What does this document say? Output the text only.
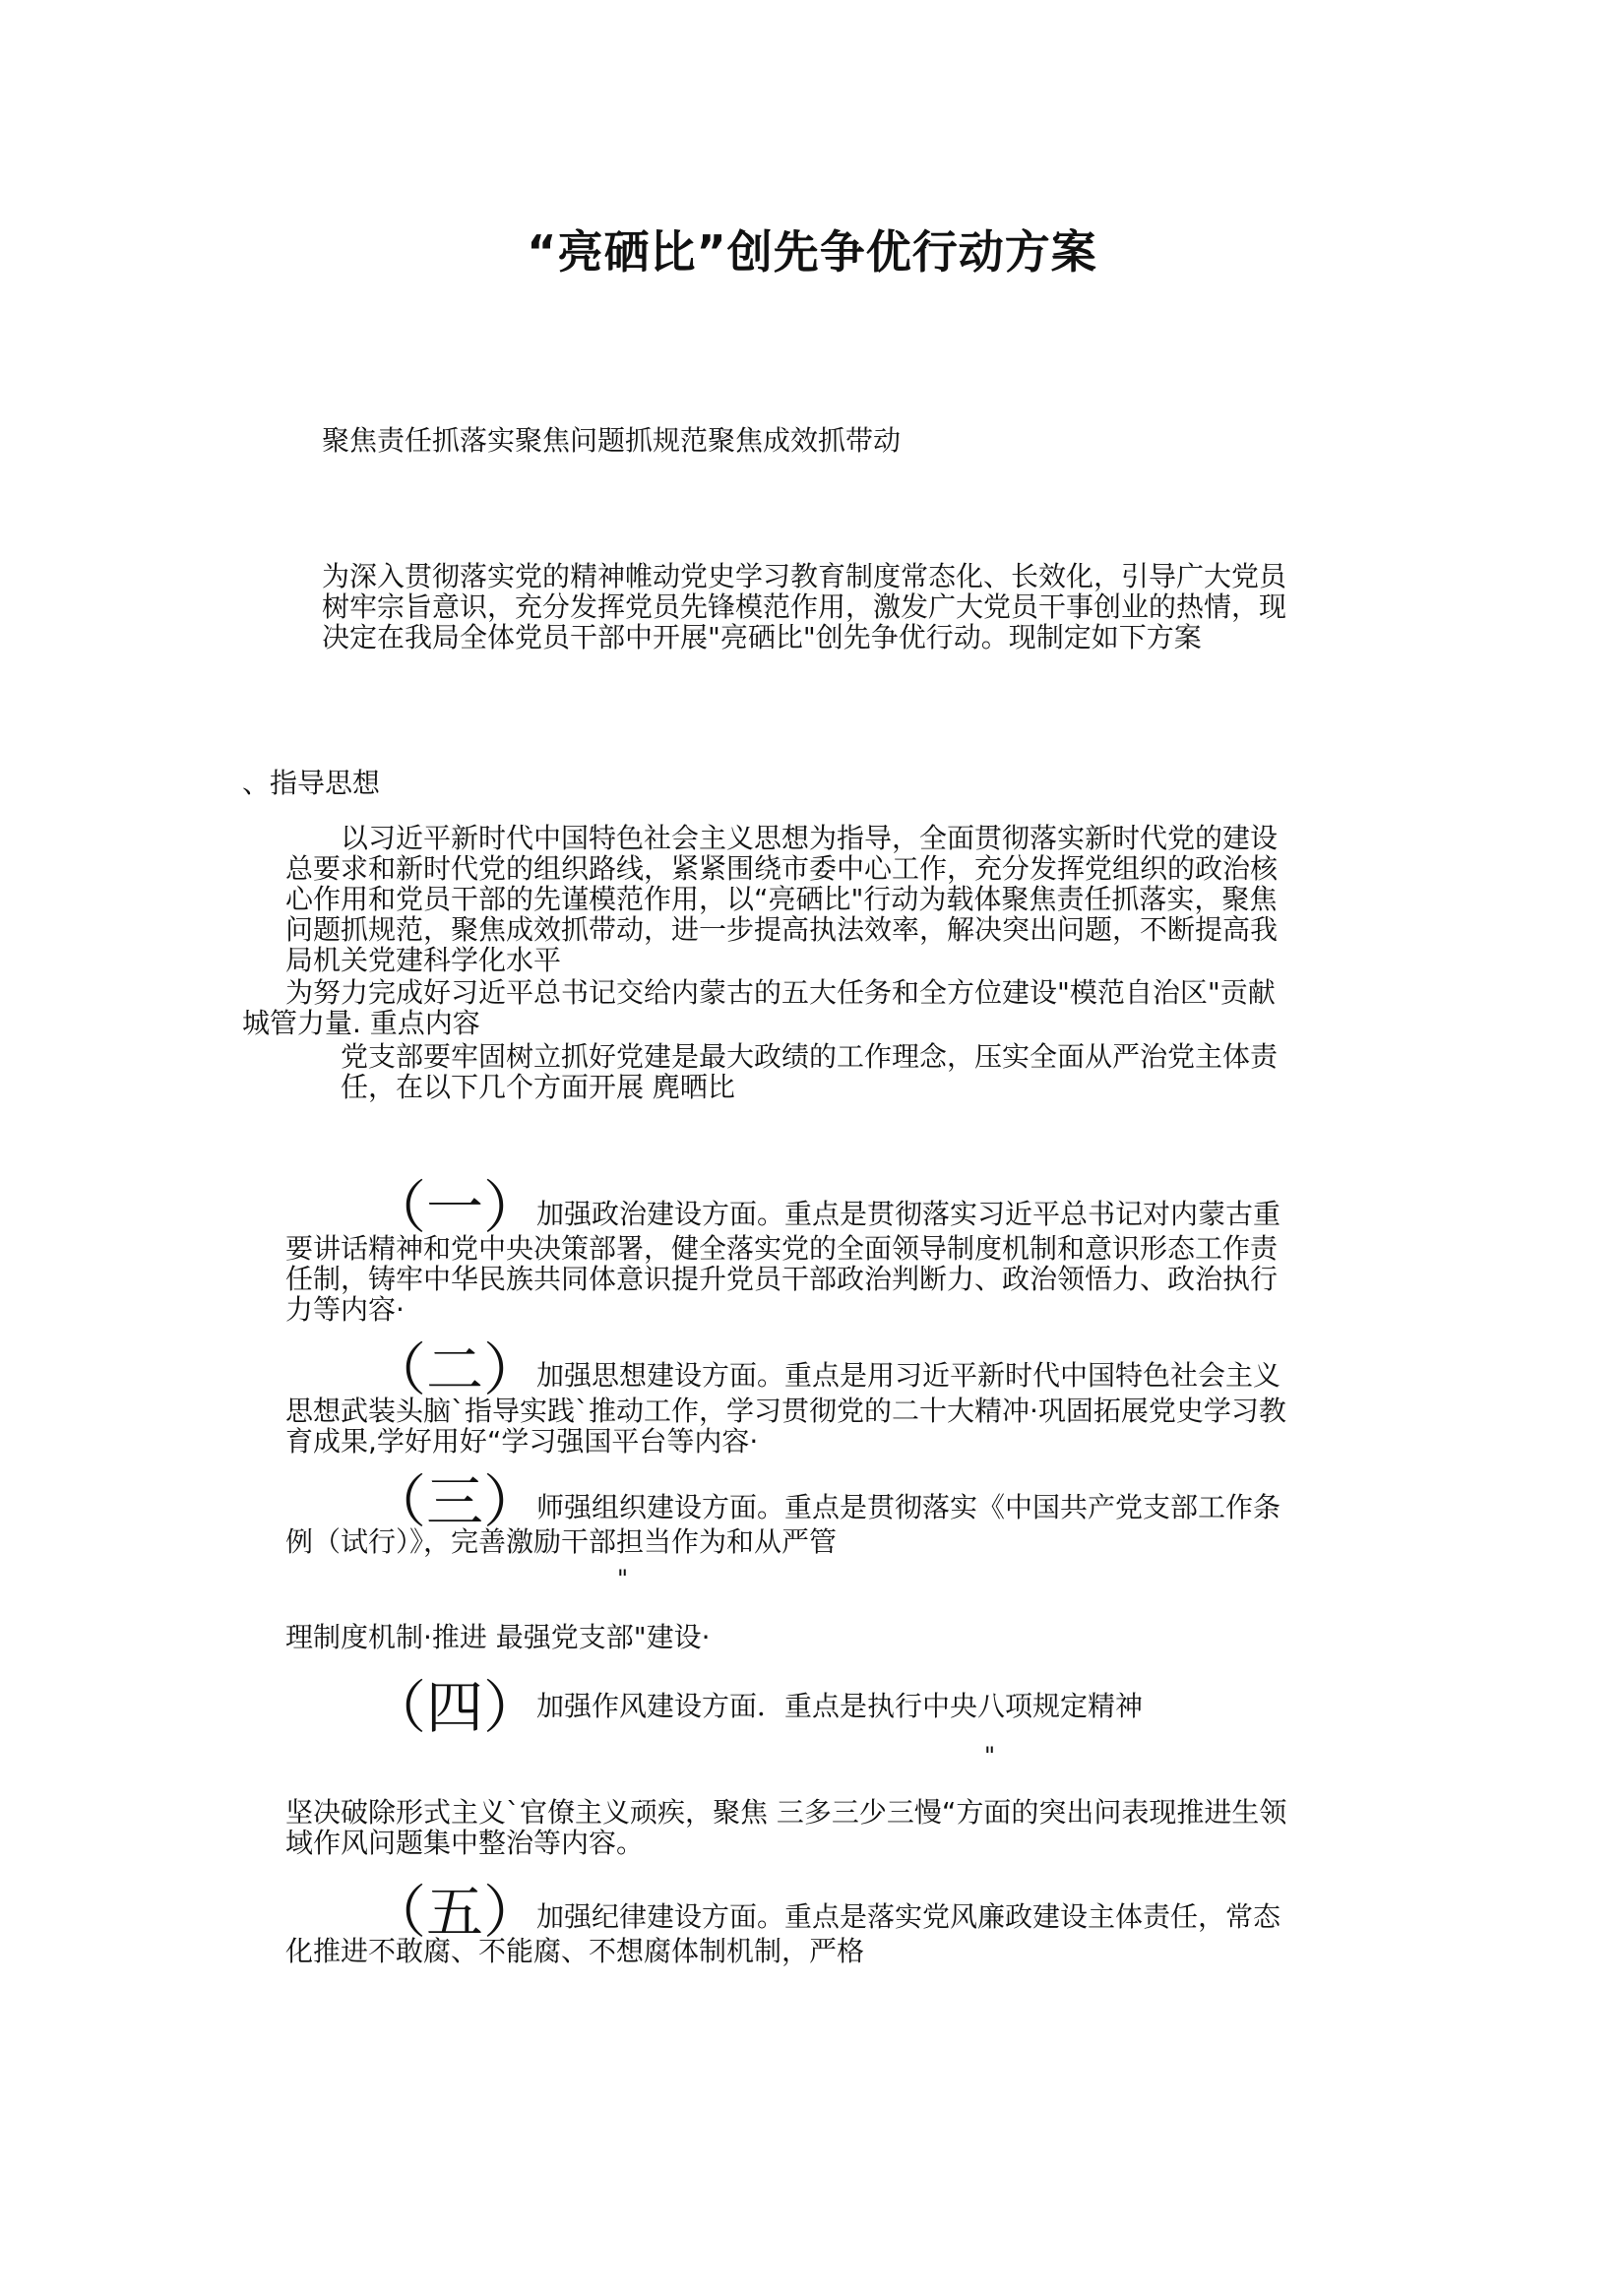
“亮硒比”创先争优行动方案
聚焦责任抓落实聚焦问题抓规范聚焦成效抓带动
为深入贯彻落实党的精神帷动党史学习教育制度常态化、长效化，引导广大党员
树牢宗旨意识，充分发挥党员先锋模范作用，激发广大党员干事创业的热情，现
决定在我局全体党员干部中开展"亮硒比"创先争优行动。现制定如下方案
、指导思想
以习近平新时代中国特色社会主义思想为指导，全面贯彻落实新时代党的建设
总要求和新时代党的组织路线，紧紧围绕市委中心工作，充分发挥党组织的政治核
心作用和党员干部的先谨模范作用，以“亮硒比"行动为载体聚焦责任抓落实，聚焦
问题抓规范，聚焦成效抓带动，进一步提高执法效率，解决突出问题，不断提高我
局机关党建科学化水平
为努力完成好习近平总书记交给内蒙古的五大任务和全方位建设"模范自治区"贡献
城管力量. 重点内容
党支部要牢固树立抓好党建是最大政绩的工作理念，压实全面从严治党主体责
任，在以下几个方面开展 麂晒比
（一）
加强政治建设方面。重点是贯彻落实习近平总书记对内蒙古重
要讲话精神和党中央决策部署，健全落实党的全面领导制度机制和意识形态工作责
任制，铸牢中华民族共同体意识提升党员干部政治判断力、政治领悟力、政治执行
力等内容·
（二）
加强思想建设方面。重点是用习近平新时代中国特色社会主义
思想武装头脑`指导实践`推动工作，学习贯彻党的二十大精冲·巩固拓展党史学习教
育成果,学好用好“学习强国平台等内容·
（三）
师强组织建设方面。重点是贯彻落实《中国共产党支部工作条
例（试行）》，完善激励干部担当作为和从严管
"
理制度机制·推进 最强党支部"建设·
（四）
加强作风建设方面．重点是执行中央八项规定精神
"
坚决破除形式主义`官僚主义顽疾，聚焦 三多三少三慢“方面的突出问表现推进生领
域作风问题集中整治等内容。
（五）
加强纪律建设方面。重点是落实党风廉政建设主体责任，常态
化推进不敢腐、不能腐、不想腐体制机制，严格
